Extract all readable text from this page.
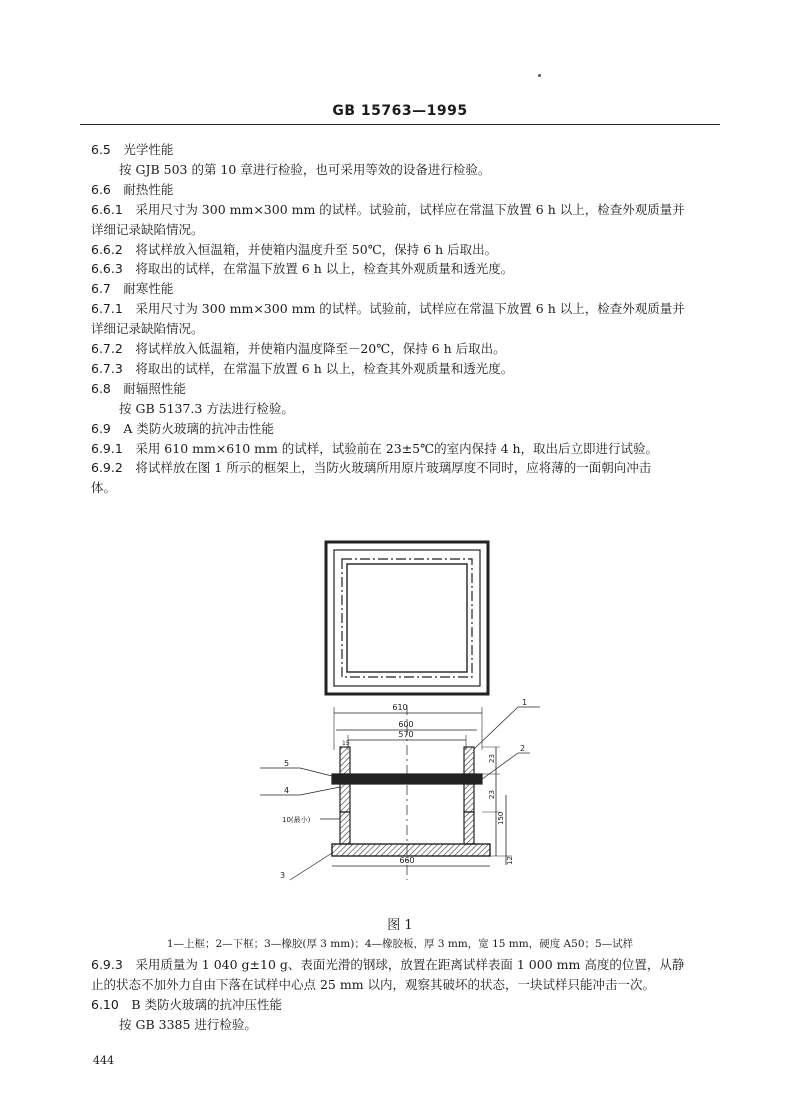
GB 15763—1995
6.5 光学性能
按 GJB 503 的第 10 章进行检验，也可采用等效的设备进行检验。
6.6 耐热性能
6.6.1 采用尺寸为 300 mm×300 mm 的试样。试验前，试样应在常温下放置 6 h 以上，检查外观质量并
详细记录缺陷情况。
6.6.2 将试样放入恒温箱，并使箱内温度升至 50℃，保持 6 h 后取出。
6.6.3 将取出的试样，在常温下放置 6 h 以上，检查其外观质量和透光度。
6.7 耐寒性能
6.7.1 采用尺寸为 300 mm×300 mm 的试样。试验前，试样应在常温下放置 6 h 以上，检查外观质量并
详细记录缺陷情况。
6.7.2 将试样放入低温箱，并使箱内温度降至－20℃，保持 6 h 后取出。
6.7.3 将取出的试样，在常温下放置 6 h 以上，检查其外观质量和透光度。
6.8 耐辐照性能
按 GB 5137.3 方法进行检验。
6.9 A 类防火玻璃的抗冲击性能
6.9.1 采用 610 mm×610 mm 的试样，试验前在 23±5℃的室内保持 4 h，取出后立即进行试验。
6.9.2 将试样放在图 1 所示的框架上，当防火玻璃所用原片玻璃厚度不同时，应将薄的一面朝向冲击
体。
610
600
570
15
23
23
150
10(最小)
660	12
1
2
3
4
5
图 1
1—上框；2—下框；3—橡胶(厚 3 mm)；4—橡胶板，厚 3 mm，宽 15 mm，硬度 A50；5—试样
6.9.3 采用质量为 1 040 g±10 g、表面光滑的钢球，放置在距离试样表面 1 000 mm 高度的位置，从静
止的状态不加外力自由下落在试样中心点 25 mm 以内，观察其破坏的状态，一块试样只能冲击一次。
6.10 B 类防火玻璃的抗冲压性能
按 GB 3385 进行检验。
444
